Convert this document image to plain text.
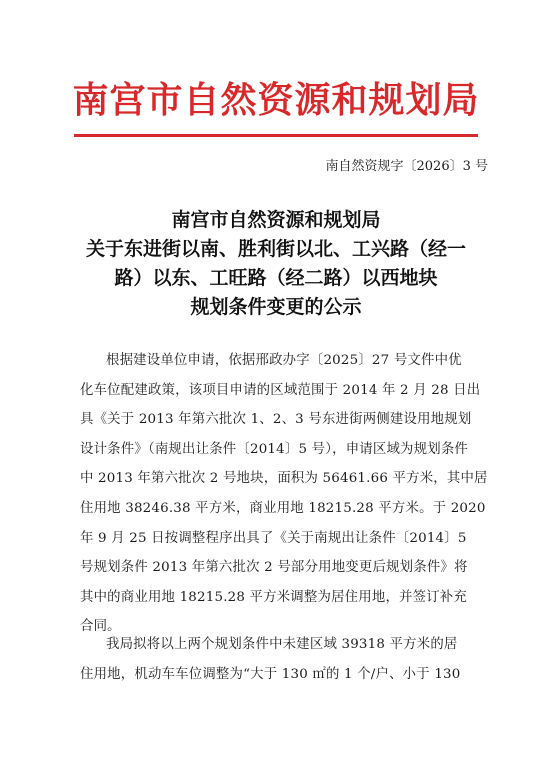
南宫市自然资源和规划局
南自然资规字〔2026〕3 号
南宫市自然资源和规划局
关于东进街以南、胜利街以北、工兴路（经一
路）以东、工旺路（经二路）以西地块
规划条件变更的公示
根据建设单位申请，依据邢政办字〔2025〕27 号文件中优
化车位配建政策，该项目申请的区域范围于 2014 年 2 月 28 日出
具《关于 2013 年第六批次 1、2、3 号东进街两侧建设用地规划
设计条件》（南规出让条件〔2014〕5 号），申请区域为规划条件
中 2013 年第六批次 2 号地块，面积为 56461.66 平方米，其中居
住用地 38246.38 平方米，商业用地 18215.28 平方米。于 2020
年 9 月 25 日按调整程序出具了《关于南规出让条件〔2014〕5
号规划条件 2013 年第六批次 2 号部分用地变更后规划条件》将
其中的商业用地 18215.28 平方米调整为居住用地，并签订补充
合同。
我局拟将以上两个规划条件中未建区域 39318 平方米的居
住用地，机动车车位调整为“大于 130 ㎡的 1 个/户、小于 130
